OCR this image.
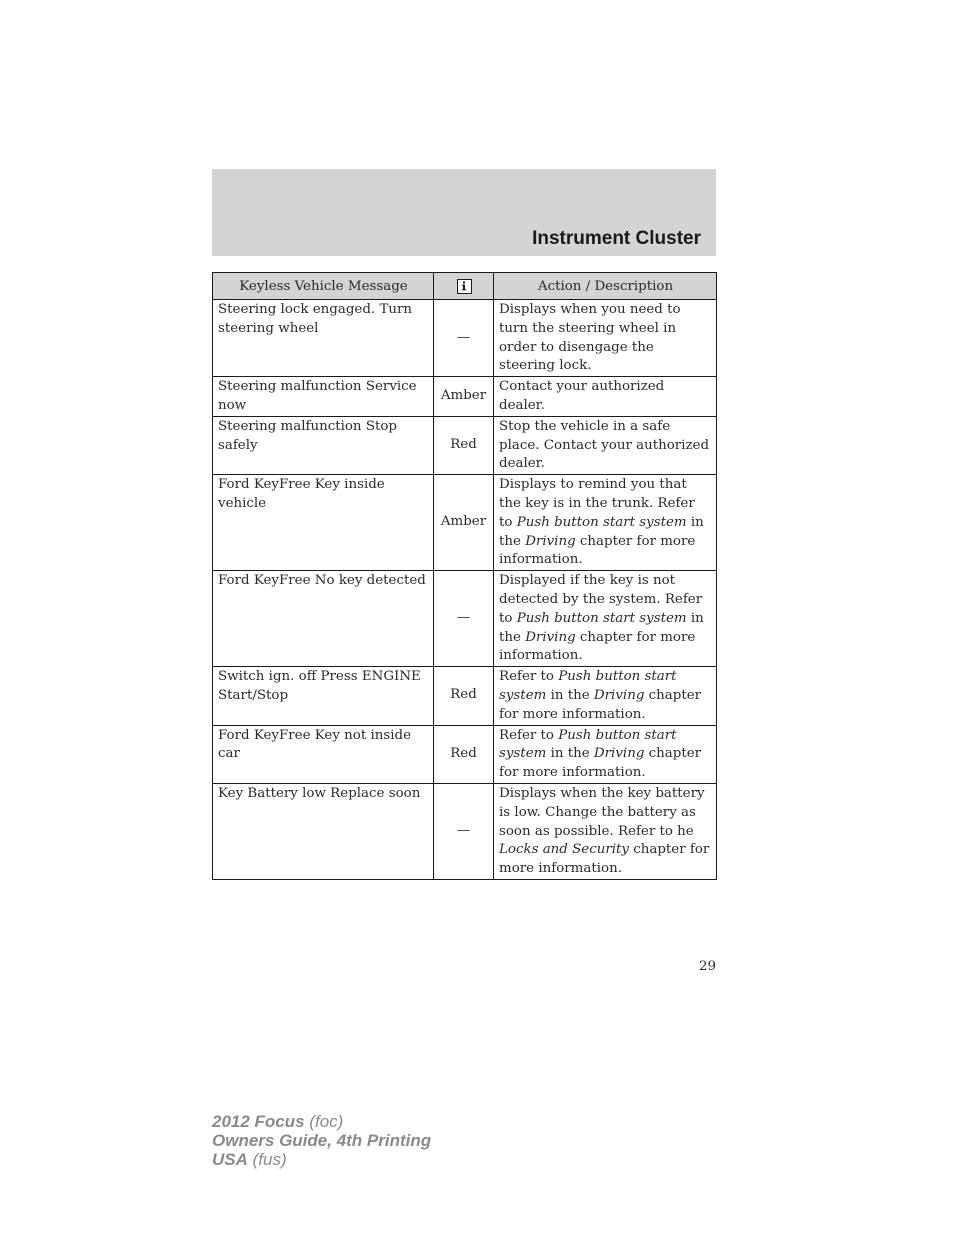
Instrument Cluster
Keyless Vehicle Message		Action / Description
Steering lock engaged. Turn steering wheel	—	Displays when you need to turn the steering wheel in order to disengage the steering lock.
Steering malfunction Service now	Amber	Contact your authorized dealer.
Steering malfunction Stop safely	Red	Stop the vehicle in a safe place. Contact your authorized dealer.
Ford KeyFree Key inside vehicle	Amber	Displays to remind you that the key is in the trunk. Refer to Push button start system in the Driving chapter for more information.
Ford KeyFree No key detected	—	Displayed if the key is not detected by the system. Refer to Push button start system in the Driving chapter for more information.
Switch ign. off Press ENGINE Start/Stop	Red	Refer to Push button start system in the Driving chapter for more information.
Ford KeyFree Key not inside car	Red	Refer to Push button start system in the Driving chapter for more information.
Key Battery low Replace soon	—	Displays when the key battery is low. Change the battery as soon as possible. Refer to he Locks and Security chapter for more information.
29
2012 Focus (foc)
Owners Guide, 4th Printing
USA (fus)
